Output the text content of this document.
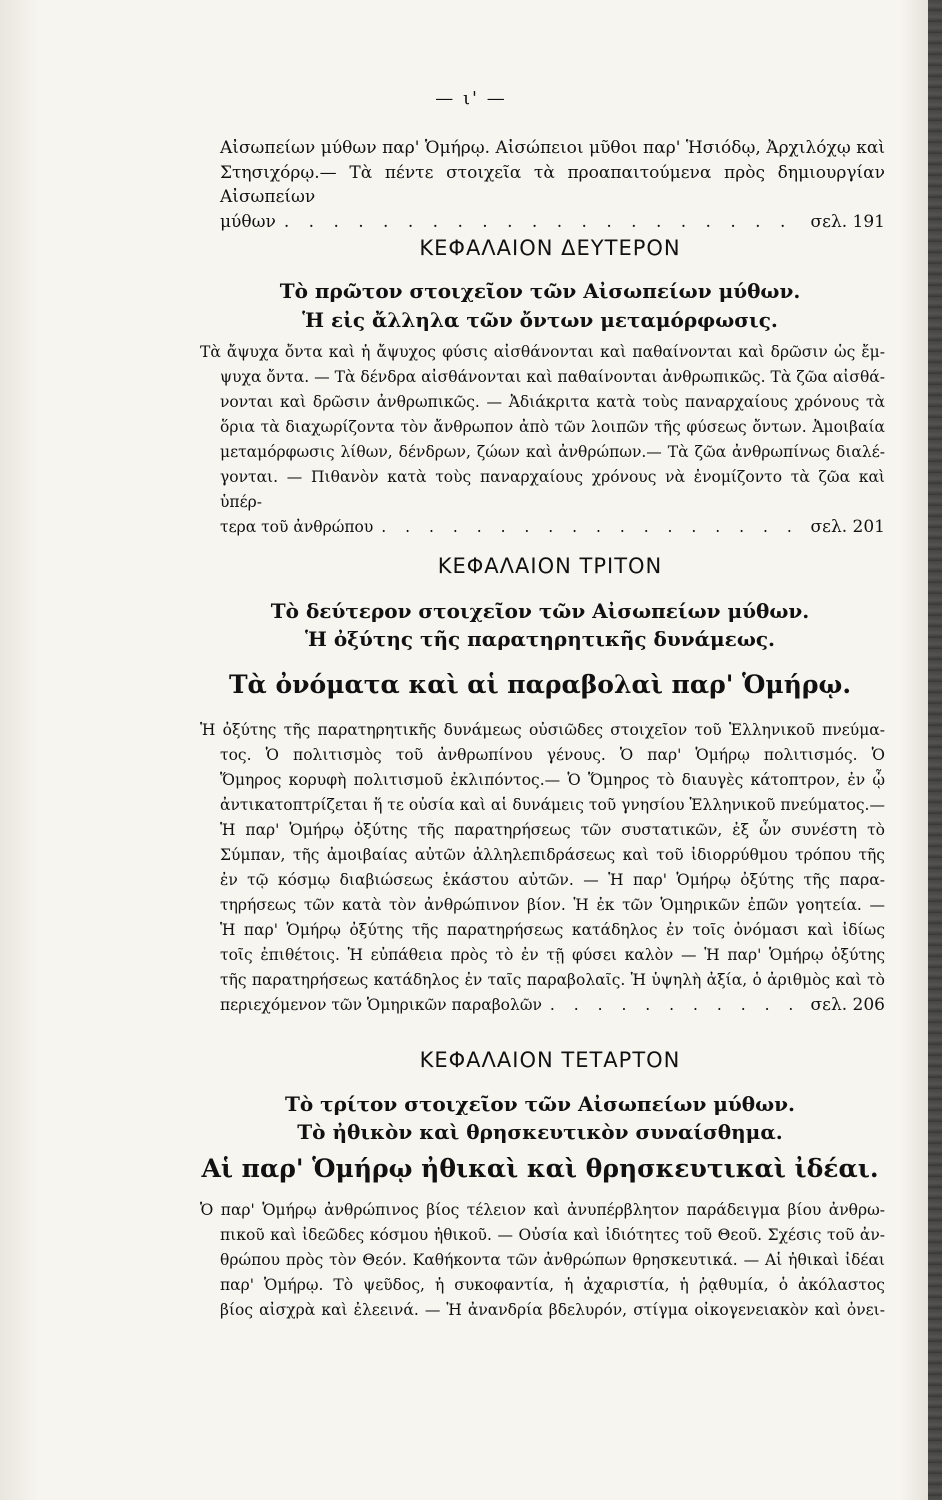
— ι' —
Αἰσωπείων μύθων παρ' Ὁμήρῳ. Αἰσώπειοι μῦθοι παρ' Ἡσιόδῳ, Ἀρχιλόχῳ καὶ
Στησιχόρῳ.— Τὰ πέντε στοιχεῖα τὰ προαπαιτούμενα πρὸς δημιουργίαν Αἰσωπείων
μύθων . . .	σελ. 191
ΚΕΦΑΛΑΙΟΝ ΔΕΥΤΕΡΟΝ
Τὸ πρῶτον στοιχεῖον τῶν Αἰσωπείων μύθων.
Ἡ εἰς ἄλληλα τῶν ὄντων μεταμόρφωσις.
Τὰ ἄψυχα ὄντα καὶ ἡ ἄψυχος φύσις αἰσθάνονται καὶ παθαίνονται καὶ δρῶσιν ὡς ἔμ-
ψυχα ὄντα. — Τὰ δένδρα αἰσθάνονται καὶ παθαίνονται ἀνθρωπικῶς. Τὰ ζῶα αἰσθά-
νονται καὶ δρῶσιν ἀνθρωπικῶς. — Ἀδιάκριτα κατὰ τοὺς παναρχαίους χρόνους τὰ
ὅρια τὰ διαχωρίζοντα τὸν ἄνθρωπον ἀπὸ τῶν λοιπῶν τῆς φύσεως ὄντων. Ἀμοιβαία
μεταμόρφωσις λίθων, δένδρων, ζώων καὶ ἀνθρώπων.— Τὰ ζῶα ἀνθρωπίνως διαλέ-
γονται. — Πιθανὸν κατὰ τοὺς παναρχαίους χρόνους νὰ ἐνομίζοντο τὰ ζῶα καὶ ὑπέρ-
τερα τοῦ ἀνθρώπου . . .	σελ. 201
ΚΕΦΑΛΑΙΟΝ ΤΡΙΤΟΝ
Τὸ δεύτερον στοιχεῖον τῶν Αἰσωπείων μύθων.
Ἡ ὀξύτης τῆς παρατηρητικῆς δυνάμεως.
Τὰ ὀνόματα καὶ αἱ παραβολαὶ παρ' Ὁμήρῳ.
Ἡ ὀξύτης τῆς παρατηρητικῆς δυνάμεως οὐσιῶδες στοιχεῖον τοῦ Ἑλληνικοῦ πνεύμα-
τος. Ὁ πολιτισμὸς τοῦ ἀνθρωπίνου γένους. Ὁ παρ' Ὁμήρῳ πολιτισμός. Ὁ
Ὅμηρος κορυφὴ πολιτισμοῦ ἐκλιπόντος.— Ὁ Ὅμηρος τὸ διαυγὲς κάτοπτρον, ἐν ᾧ
ἀντικατοπτρίζεται ἥ τε οὐσία καὶ αἱ δυνάμεις τοῦ γνησίου Ἑλληνικοῦ πνεύματος.—
Ἡ παρ' Ὁμήρῳ ὀξύτης τῆς παρατηρήσεως τῶν συστατικῶν, ἐξ ὧν συνέστη τὸ
Σύμπαν, τῆς ἀμοιβαίας αὐτῶν ἀλληλεπιδράσεως καὶ τοῦ ἰδιορρύθμου τρόπου τῆς
ἐν τῷ κόσμῳ διαβιώσεως ἑκάστου αὐτῶν. — Ἡ παρ' Ὁμήρῳ ὀξύτης τῆς παρα-
τηρήσεως τῶν κατὰ τὸν ἀνθρώπινον βίον. Ἡ ἐκ τῶν Ὁμηρικῶν ἐπῶν γοητεία. —
Ἡ παρ' Ὁμήρῳ ὀξύτης τῆς παρατηρήσεως κατάδηλος ἐν τοῖς ὀνόμασι καὶ ἰδίως
τοῖς ἐπιθέτοις. Ἡ εὐπάθεια πρὸς τὸ ἐν τῇ φύσει καλὸν — Ἡ παρ' Ὁμήρῳ ὀξύτης
τῆς παρατηρήσεως κατάδηλος ἐν ταῖς παραβολαῖς. Ἡ ὑψηλὴ ἀξία, ὁ ἀριθμὸς καὶ τὸ
περιεχόμενον τῶν Ὁμηρικῶν παραβολῶν . . .	σελ. 206
ΚΕΦΑΛΑΙΟΝ ΤΕΤΑΡΤΟΝ
Τὸ τρίτον στοιχεῖον τῶν Αἰσωπείων μύθων.
Τὸ ἠθικὸν καὶ θρησκευτικὸν συναίσθημα.
Αἱ παρ' Ὁμήρῳ ἠθικαὶ καὶ θρησκευτικαὶ ἰδέαι.
Ὁ παρ' Ὁμήρῳ ἀνθρώπινος βίος τέλειον καὶ ἀνυπέρβλητον παράδειγμα βίου ἀνθρω-
πικοῦ καὶ ἰδεῶδες κόσμου ἠθικοῦ. — Οὐσία καὶ ἰδιότητες τοῦ Θεοῦ. Σχέσις τοῦ ἀν-
θρώπου πρὸς τὸν Θεόν. Καθήκοντα τῶν ἀνθρώπων θρησκευτικά. — Αἱ ἠθικαὶ ἰδέαι
παρ' Ὁμήρῳ. Τὸ ψεῦδος, ἡ συκοφαντία, ἡ ἀχαριστία, ἡ ῥᾳθυμία, ὁ ἀκόλαστος
βίος αἰσχρὰ καὶ ἐλεεινά. — Ἡ ἀνανδρία βδελυρόν, στίγμα οἰκογενειακὸν καὶ ὀνει-
